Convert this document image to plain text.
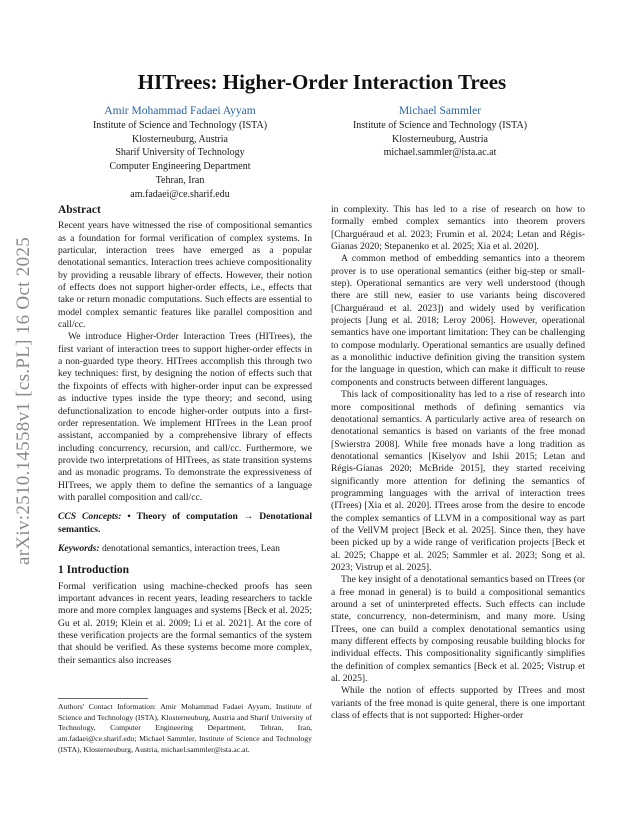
arXiv:2510.14558v1 [cs.PL] 16 Oct 2025
HITrees: Higher-Order Interaction Trees
Amir Mohammad Fadaei Ayyam
Institute of Science and Technology (ISTA)
Klosterneuburg, Austria
Sharif University of Technology
Computer Engineering Department
Tehran, Iran
am.fadaei@ce.sharif.edu
Michael Sammler
Institute of Science and Technology (ISTA)
Klosterneuburg, Austria
michael.sammler@ista.ac.at
Abstract

Recent years have witnessed the rise of compositional semantics as a foundation for formal verification of complex systems. In particular, interaction trees have emerged as a popular denotational semantics. Interaction trees achieve compositionality by providing a reusable library of effects. However, their notion of effects does not support higher-order effects, i.e., effects that take or return monadic computations. Such effects are essential to model complex semantic features like parallel composition and call/cc.

We introduce Higher-Order Interaction Trees (HITrees), the first variant of interaction trees to support higher-order effects in a non-guarded type theory. HITrees accomplish this through two key techniques: first, by designing the notion of effects such that the fixpoints of effects with higher-order input can be expressed as inductive types inside the type theory; and second, using defunctionalization to encode higher-order outputs into a first-order representation. We implement HITrees in the Lean proof assistant, accompanied by a comprehensive library of effects including concurrency, recursion, and call/cc. Furthermore, we provide two interpretations of HITrees, as state transition systems and as monadic programs. To demonstrate the expressiveness of HITrees, we apply them to define the semantics of a language with parallel composition and call/cc.

CCS Concepts: • Theory of computation → Denotational semantics.

Keywords: denotational semantics, interaction trees, Lean

1 Introduction

Formal verification using machine-checked proofs has seen important advances in recent years, leading researchers to tackle more and more complex languages and systems [Beck et al. 2025; Gu et al. 2019; Klein et al. 2009; Li et al. 2021]. At the core of these verification projects are the formal semantics of the system that should be verified. As these systems become more complex, their semantics also increases

Authors' Contact Information: Amir Mohammad Fadaei Ayyam, Institute of Science and Technology (ISTA), Klosterneuburg, Austria and Sharif University of Technology, Computer Engineering Department, Tehran, Iran, am.fadaei@ce.sharif.edu; Michael Sammler, Institute of Science and Technology (ISTA), Klosterneuburg, Austria, michael.sammler@ista.ac.at.

in complexity. This has led to a rise of research on how to formally embed complex semantics into theorem provers [Charguéraud et al. 2023; Frumin et al. 2024; Letan and Régis-Gianas 2020; Stepanenko et al. 2025; Xia et al. 2020].

A common method of embedding semantics into a theorem prover is to use operational semantics (either big-step or small-step). Operational semantics are very well understood (though there are still new, easier to use variants being discovered [Charguéraud et al. 2023]) and widely used by verification projects [Jung et al. 2018; Leroy 2006]. However, operational semantics have one important limitation: They can be challenging to compose modularly. Operational semantics are usually defined as a monolithic inductive definition giving the transition system for the language in question, which can make it difficult to reuse components and constructs between different languages.

This lack of compositionality has led to a rise of research into more compositional methods of defining semantics via denotational semantics. A particularly active area of research on denotational semantics is based on variants of the free monad [Swierstra 2008]. While free monads have a long tradition as denotational semantics [Kiselyov and Ishii 2015; Letan and Régis-Gianas 2020; McBride 2015], they started receiving significantly more attention for defining the semantics of programming languages with the arrival of interaction trees (ITrees) [Xia et al. 2020]. ITrees arose from the desire to encode the complex semantics of LLVM in a compositional way as part of the VellVM project [Beck et al. 2025]. Since then, they have been picked up by a wide range of verification projects [Beck et al. 2025; Chappe et al. 2025; Sammler et al. 2023; Song et al. 2023; Vistrup et al. 2025].

The key insight of a denotational semantics based on ITrees (or a free monad in general) is to build a compositional semantics around a set of uninterpreted effects. Such effects can include state, concurrency, non-determinism, and many more. Using ITrees, one can build a complex denotational semantics using many different effects by composing reusable building blocks for individual effects. This compositionality significantly simplifies the definition of complex semantics [Beck et al. 2025; Vistrup et al. 2025].

While the notion of effects supported by ITrees and most variants of the free monad is quite general, there is one important class of effects that is not supported: Higher-order
